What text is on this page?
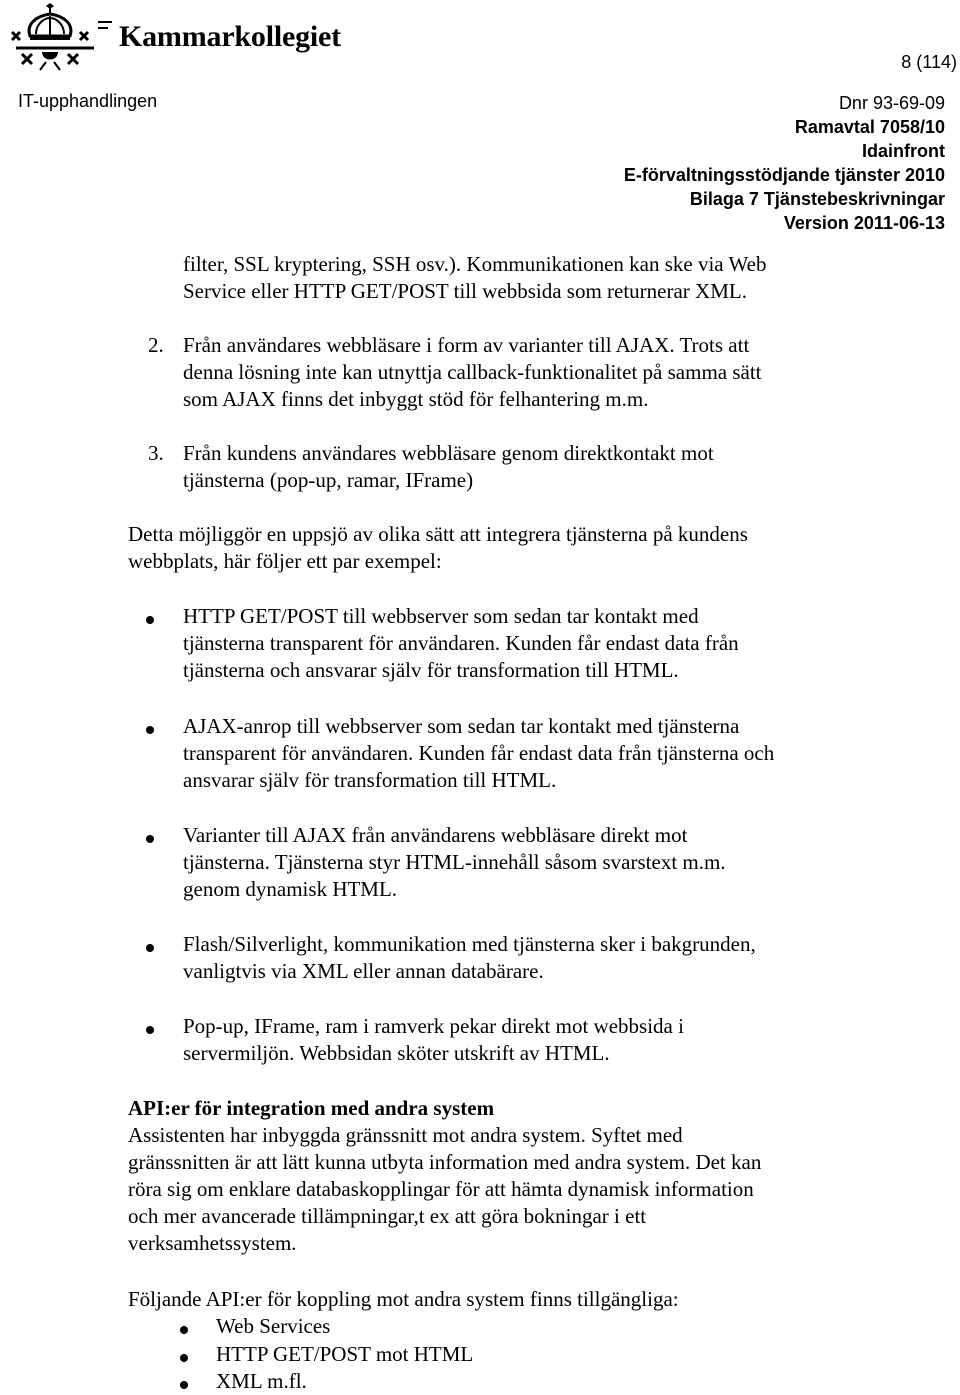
Kammarkollegiet
8 (114)
IT-upphandlingen	Dnr 93-69-09
Ramavtal 7058/10
Idainfront
E-förvaltningsstödjande tjänster 2010
Bilaga 7 Tjänstebeskrivningar
Version 2011-06-13
filter, SSL kryptering, SSH osv.). Kommunikationen kan ske via Web
Service eller HTTP GET/POST till webbsida som returnerar XML.
2. Från användares webbläsare i form av varianter till AJAX. Trots att
denna lösning inte kan utnyttja callback-funktionalitet på samma sätt
som AJAX finns det inbyggt stöd för felhantering m.m.
3. Från kundens användares webbläsare genom direktkontakt mot
tjänsterna (pop-up, ramar, IFrame)
Detta möjliggör en uppsjö av olika sätt att integrera tjänsterna på kundens
webbplats, här följer ett par exempel:
HTTP GET/POST till webbserver som sedan tar kontakt med
tjänsterna transparent för användaren. Kunden får endast data från
tjänsterna och ansvarar själv för transformation till HTML.
AJAX-anrop till webbserver som sedan tar kontakt med tjänsterna
transparent för användaren. Kunden får endast data från tjänsterna och
ansvarar själv för transformation till HTML.
Varianter till AJAX från användarens webbläsare direkt mot
tjänsterna. Tjänsterna styr HTML-innehåll såsom svarstext m.m.
genom dynamisk HTML.
Flash/Silverlight, kommunikation med tjänsterna sker i bakgrunden,
vanligtvis via XML eller annan databärare.
Pop-up, IFrame, ram i ramverk pekar direkt mot webbsida i
servermiljön. Webbsidan sköter utskrift av HTML.
API:er för integration med andra system
Assistenten har inbyggda gränssnitt mot andra system. Syftet med
gränssnitten är att lätt kunna utbyta information med andra system. Det kan
röra sig om enklare databaskopplingar för att hämta dynamisk information
och mer avancerade tillämpningar,t ex att göra bokningar i ett
verksamhetssystem.
Följande API:er för koppling mot andra system finns tillgängliga:
Web Services
HTTP GET/POST mot HTML
XML m.fl.
